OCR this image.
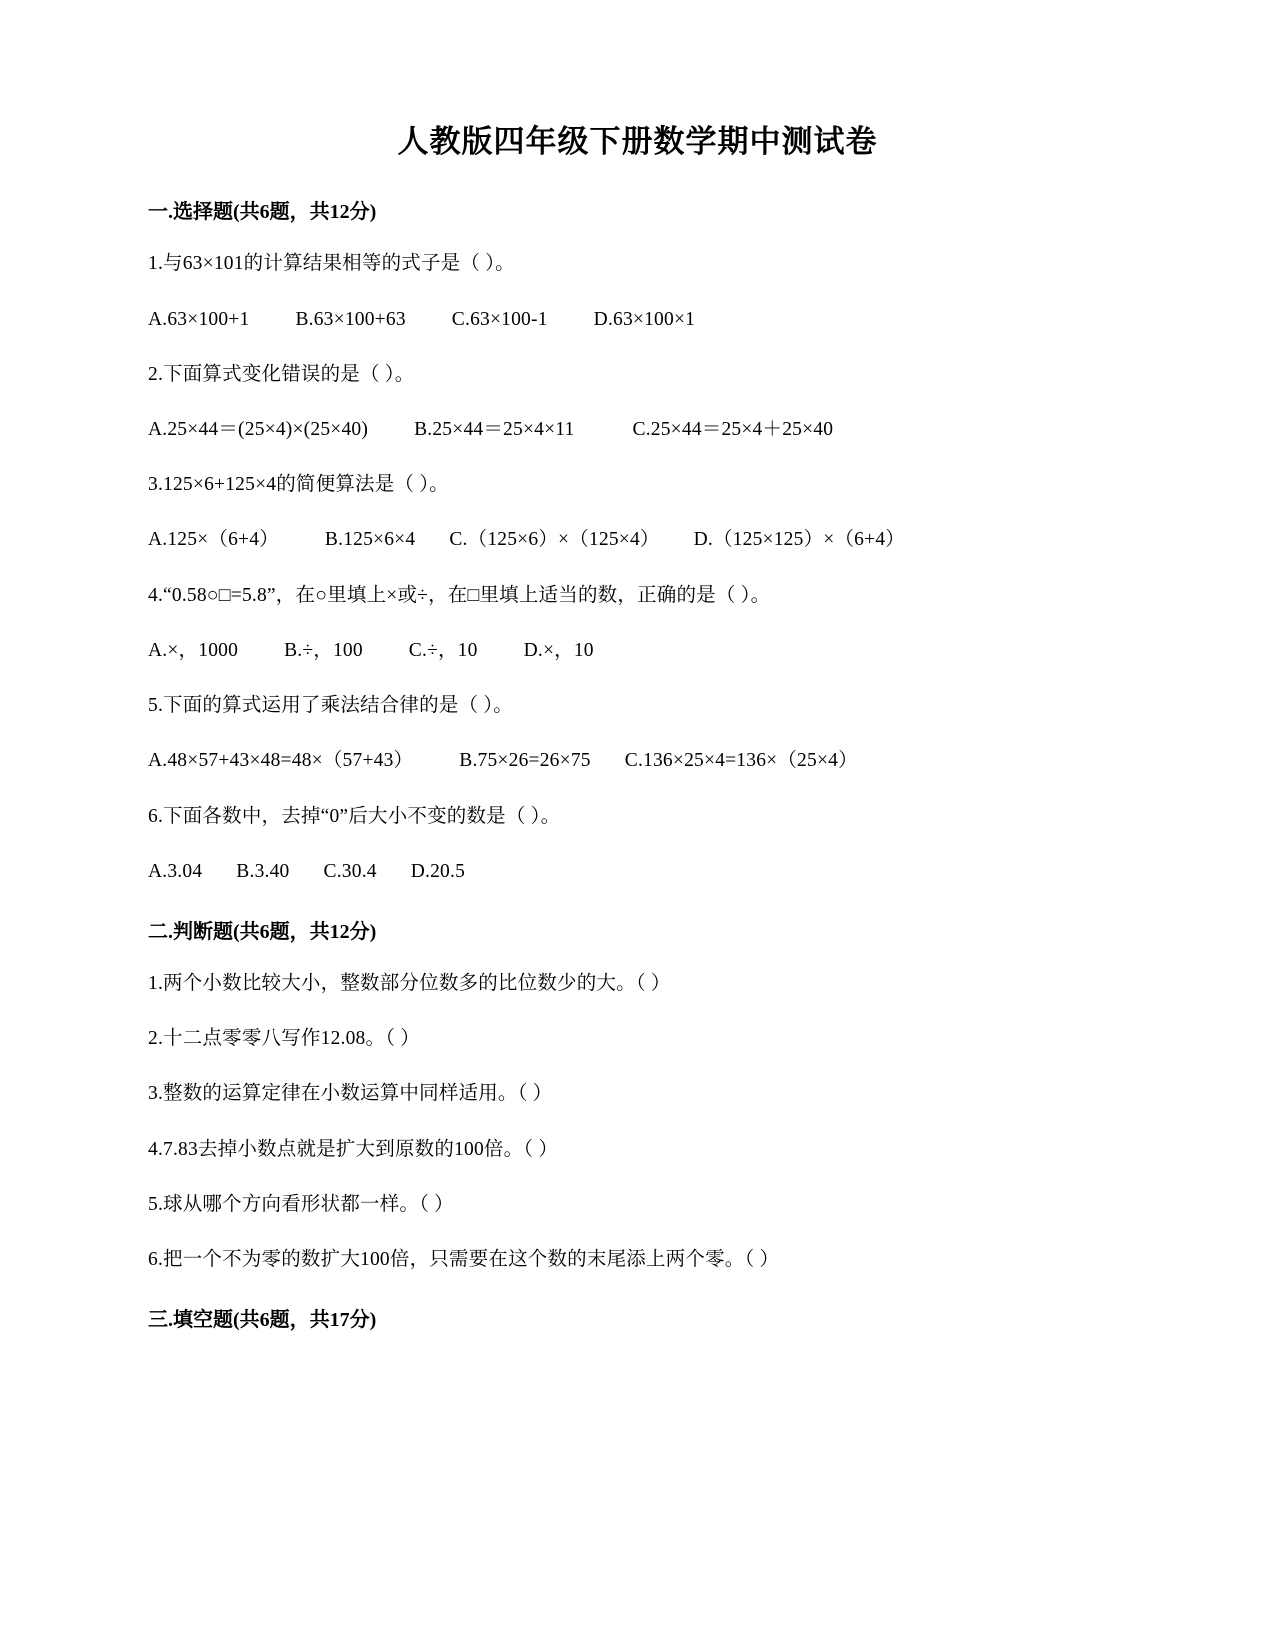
人教版四年级下册数学期中测试卷
一.选择题(共6题，共12分)
1.与63×101的计算结果相等的式子是（ ）。
A.63×100+1 B.63×100+63 C.63×100-1 D.63×100×1
2.下面算式变化错误的是（ ）。
A.25×44＝(25×4)×(25×40) B.25×44＝25×4×11	C.25×44＝25×4＋25×40
3.125×6+125×4的简便算法是（ ）。
A.125×（6+4） B.125×6×4 C.（125×6）×（125×4） D.（125×125）×（6+4）
4.“0.58○□=5.8”，在○里填上×或÷，在□里填上适当的数，正确的是（ ）。
A.×，1000 B.÷，100 C.÷，10 D.×，10
5.下面的算式运用了乘法结合律的是（ ）。
A.48×57+43×48=48×（57+43） B.75×26=26×75 C.136×25×4=136×（25×4）
6.下面各数中，去掉“0”后大小不变的数是（ ）。
A.3.04 B.3.40 C.30.4 D.20.5
二.判断题(共6题，共12分)
1.两个小数比较大小，整数部分位数多的比位数少的大。（ ）
2.十二点零零八写作12.08。（ ）
3.整数的运算定律在小数运算中同样适用。（ ）
4.7.83去掉小数点就是扩大到原数的100倍。（ ）
5.球从哪个方向看形状都一样。（ ）
6.把一个不为零的数扩大100倍，只需要在这个数的末尾添上两个零。（ ）
三.填空题(共6题，共17分)
